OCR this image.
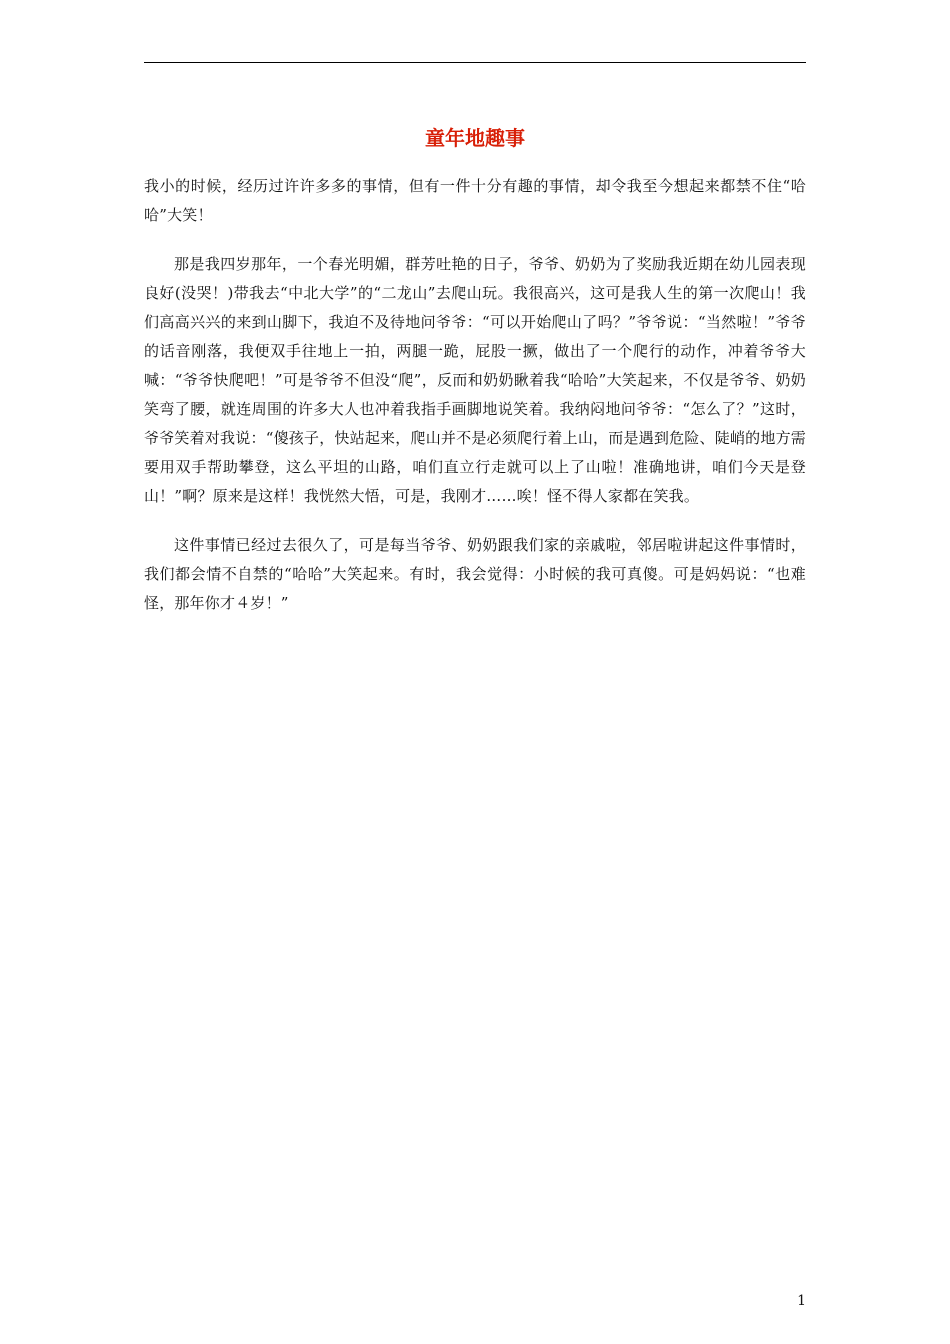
童年地趣事

我小的时候，经历过许许多多的事情，但有一件十分有趣的事情，却令我至今想起来都禁不住“哈哈”大笑！

那是我四岁那年，一个春光明媚，群芳吐艳的日子，爷爷、奶奶为了奖励我近期在幼儿园表现良好(没哭！)带我去“中北大学”的“二龙山”去爬山玩。我很高兴，这可是我人生的第一次爬山！我们高高兴兴的来到山脚下，我迫不及待地问爷爷：“可以开始爬山了吗？”爷爷说：“当然啦！”爷爷的话音刚落，我便双手往地上一拍，两腿一跪，屁股一撅，做出了一个爬行的动作，冲着爷爷大喊：“爷爷快爬吧！”可是爷爷不但没“爬”，反而和奶奶瞅着我“哈哈”大笑起来，不仅是爷爷、奶奶笑弯了腰，就连周围的许多大人也冲着我指手画脚地说笑着。我纳闷地问爷爷：“怎么了？”这时，爷爷笑着对我说：“傻孩子，快站起来，爬山并不是必须爬行着上山，而是遇到危险、陡峭的地方需要用双手帮助攀登，这么平坦的山路，咱们直立行走就可以上了山啦！准确地讲，咱们今天是登山！”啊？原来是这样！我恍然大悟，可是，我刚才……唉！怪不得人家都在笑我。

这件事情已经过去很久了，可是每当爷爷、奶奶跟我们家的亲戚啦，邻居啦讲起这件事情时，我们都会情不自禁的“哈哈”大笑起来。有时，我会觉得：小时候的我可真傻。可是妈妈说：“也难怪，那年你才４岁！”

1
